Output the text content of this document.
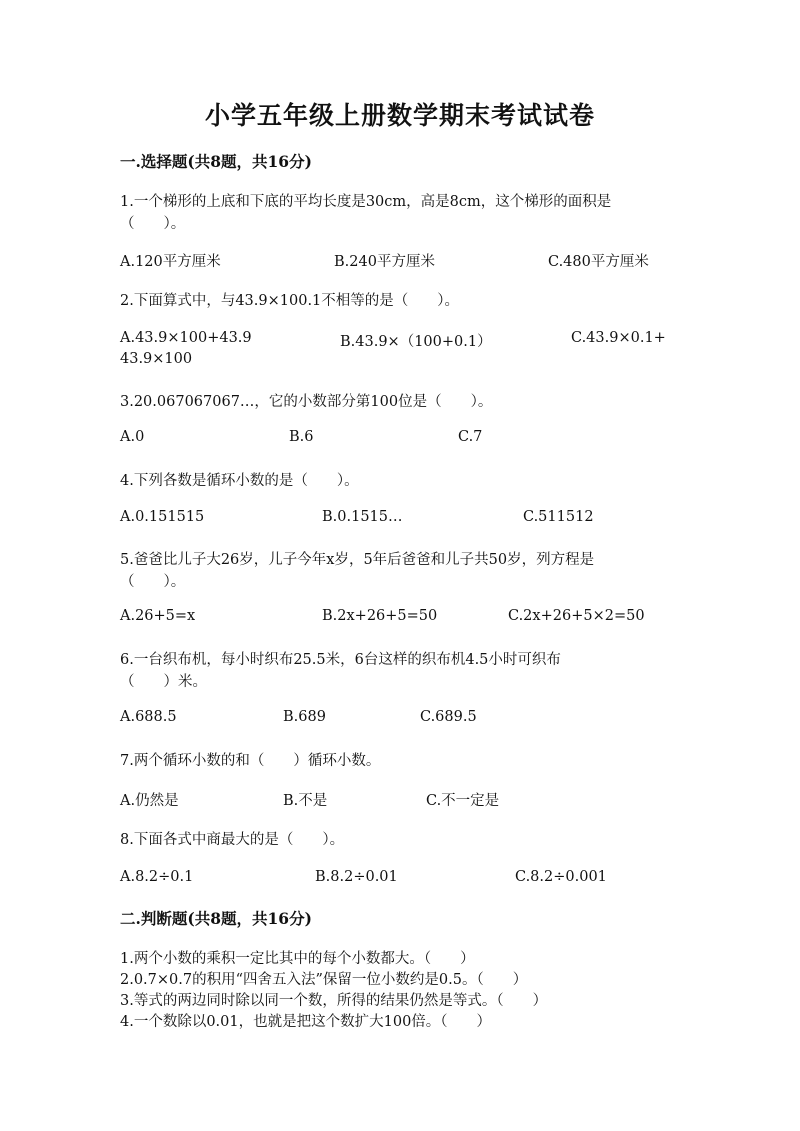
小学五年级上册数学期末考试试卷
一.选择题(共8题，共16分)
1.一个梯形的上底和下底的平均长度是30cm，高是8cm，这个梯形的面积是
（　　）。
A.120平方厘米	B.240平方厘米	C.480平方厘米
2.下面算式中，与43.9×100.1不相等的是（　　）。
A.43.9×100+43.9	B.43.9×（100+0.1）	C.43.9×0.1+
43.9×100
3.20.067067067…，它的小数部分第100位是（　　）。
A.0	B.6	C.7
4.下列各数是循环小数的是（　　）。
A.0.151515	B.0.1515…	C.511512
5.爸爸比儿子大26岁，儿子今年x岁，5年后爸爸和儿子共50岁，列方程是
（　　）。
A.26+5=x	B.2x+26+5=50	C.2x+26+5×2=50
6.一台织布机，每小时织布25.5米，6台这样的织布机4.5小时可织布
（　　）米。
A.688.5	B.689	C.689.5
7.两个循环小数的和（　　）循环小数。
A.仍然是	B.不是	C.不一定是
8.下面各式中商最大的是（　　）。
A.8.2÷0.1	B.8.2÷0.01	C.8.2÷0.001
二.判断题(共8题，共16分)
1.两个小数的乘积一定比其中的每个小数都大。（　　）
2.0.7×0.7的积用“四舍五入法”保留一位小数约是0.5。（　　）
3.等式的两边同时除以同一个数，所得的结果仍然是等式。（　　）
4.一个数除以0.01，也就是把这个数扩大100倍。（　　）
